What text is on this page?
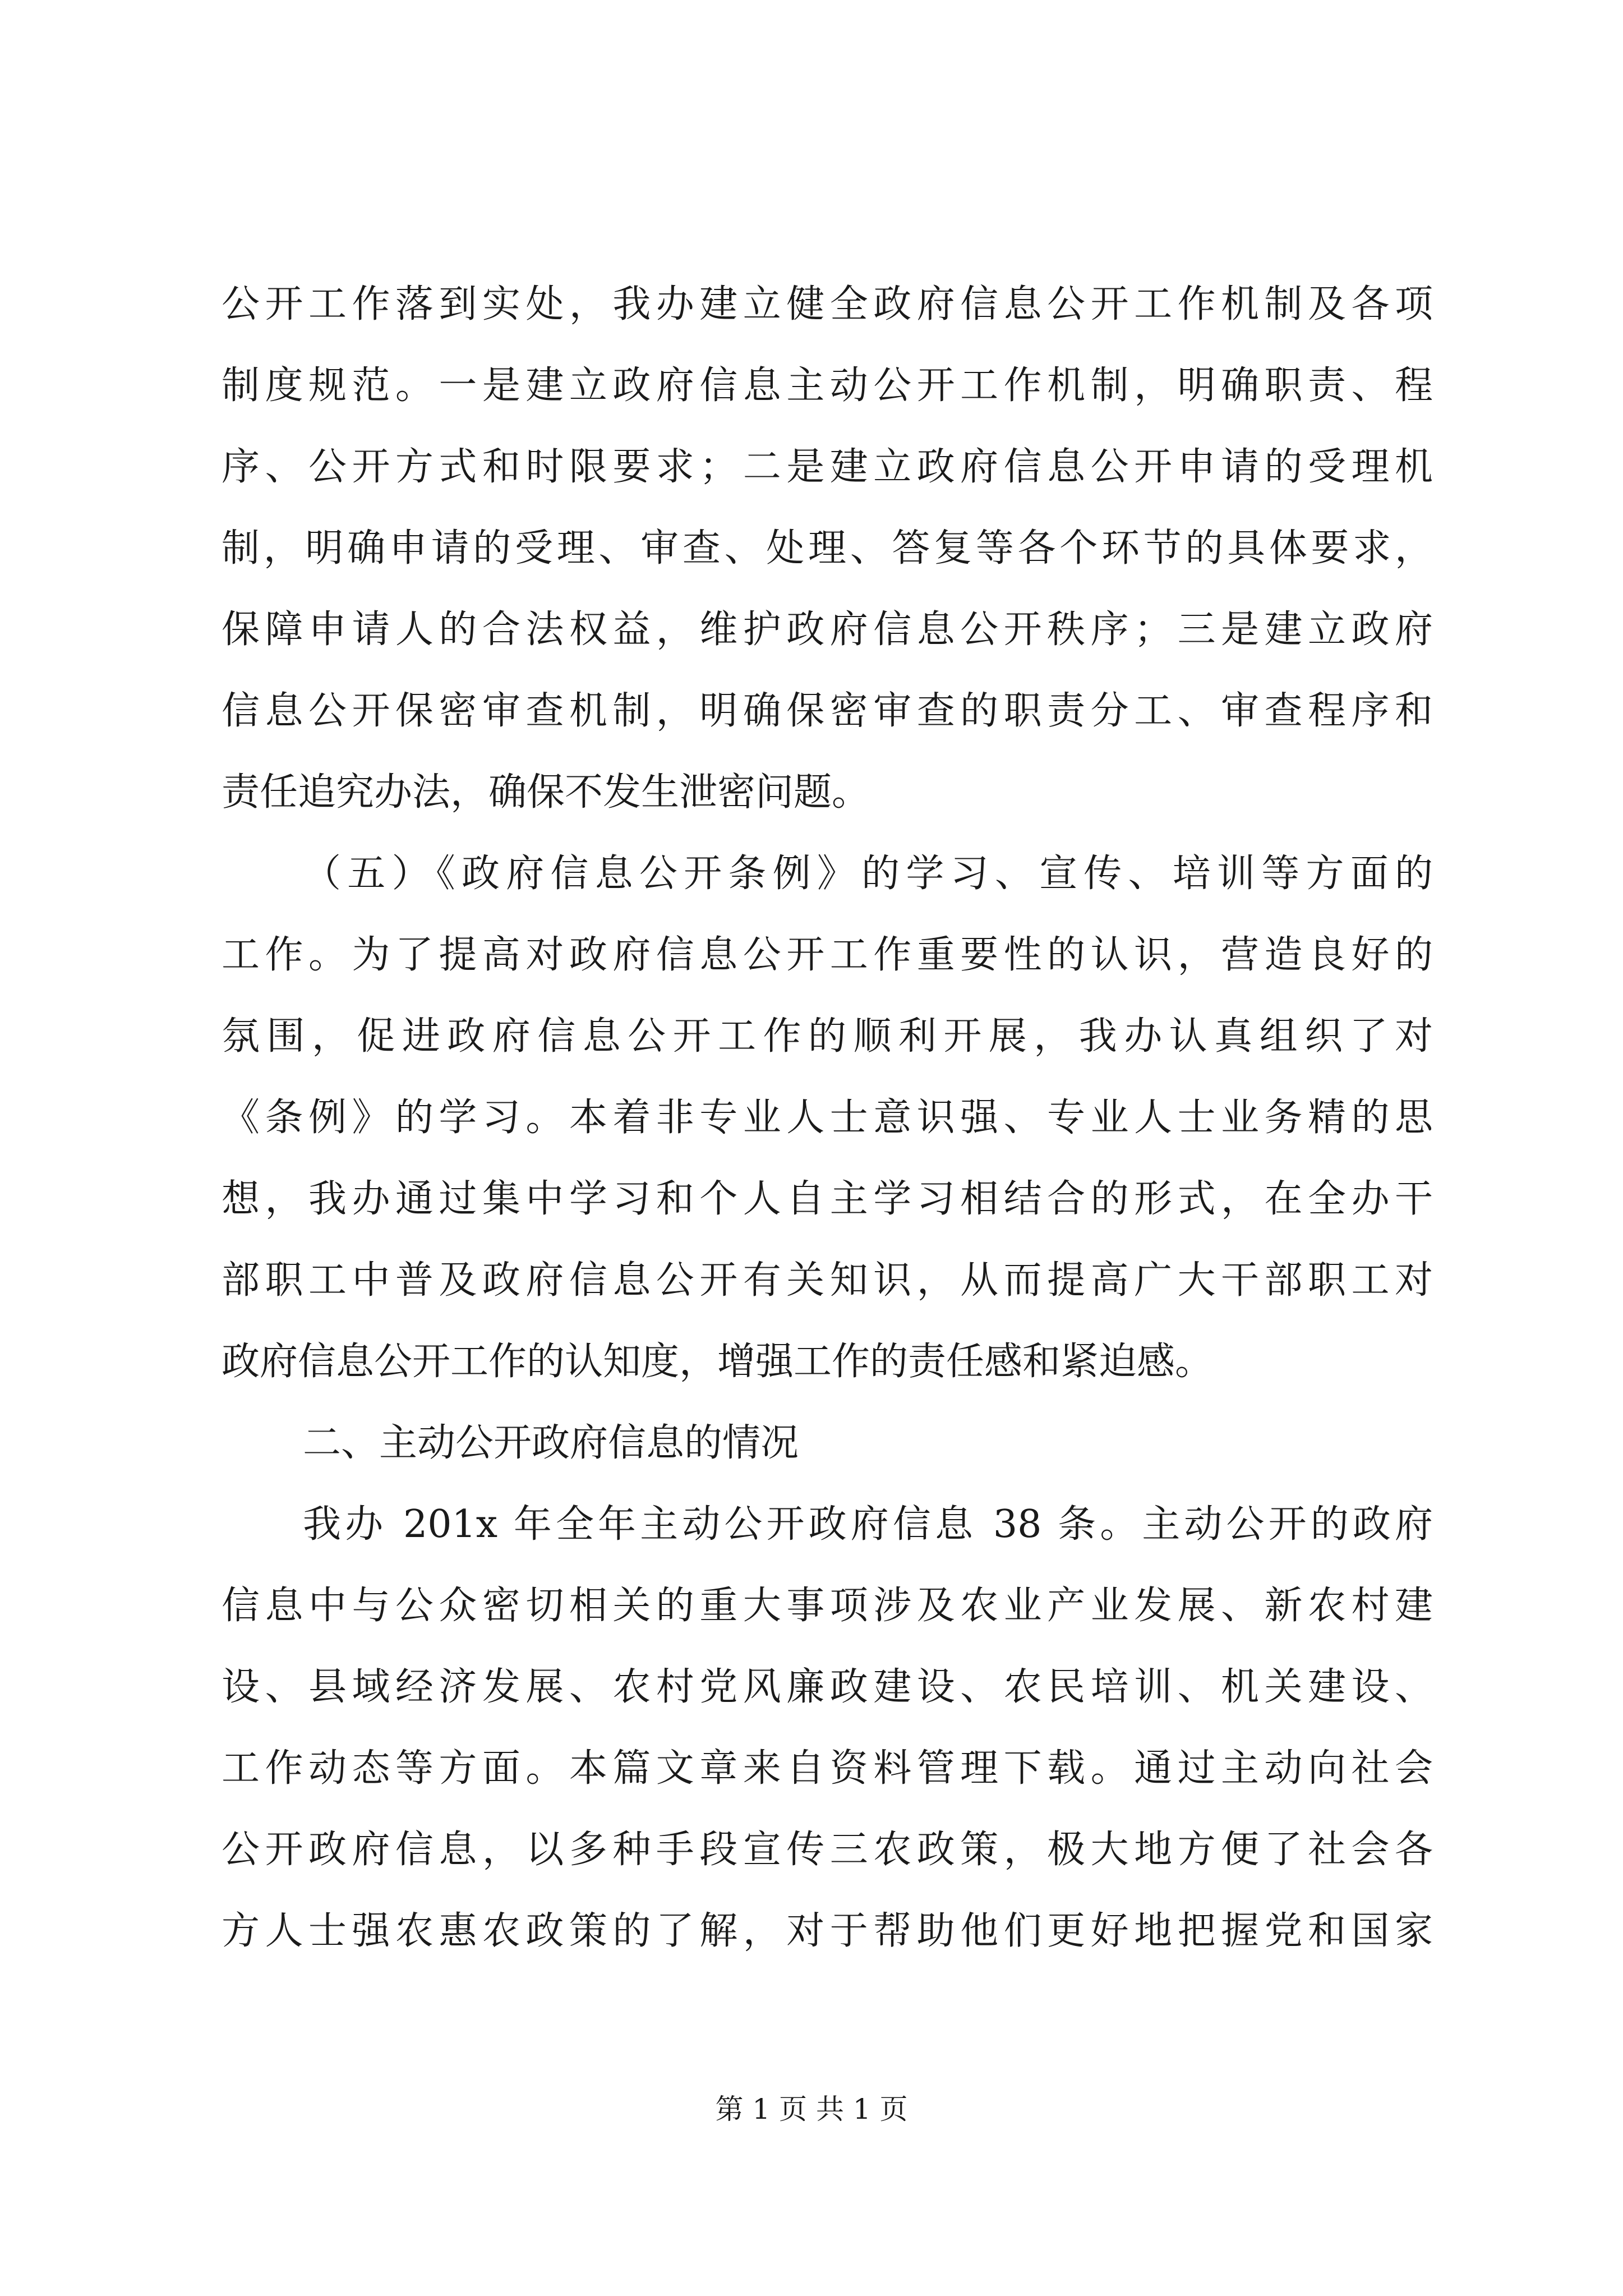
公开工作落到实处，我办建立健全政府信息公开工作机制及各项
制度规范。一是建立政府信息主动公开工作机制，明确职责、程
序、公开方式和时限要求；二是建立政府信息公开申请的受理机
制，明确申请的受理、审查、处理、答复等各个环节的具体要求，
保障申请人的合法权益，维护政府信息公开秩序；三是建立政府
信息公开保密审查机制，明确保密审查的职责分工、审查程序和
责任追究办法，确保不发生泄密问题。
（五）《政府信息公开条例》的学习、宣传、培训等方面的
工作。为了提高对政府信息公开工作重要性的认识，营造良好的
氛围，促进政府信息公开工作的顺利开展，我办认真组织了对
《条例》的学习。本着非专业人士意识强、专业人士业务精的思
想，我办通过集中学习和个人自主学习相结合的形式，在全办干
部职工中普及政府信息公开有关知识，从而提高广大干部职工对
政府信息公开工作的认知度，增强工作的责任感和紧迫感。
二、主动公开政府信息的情况
我办 201x 年全年主动公开政府信息 38 条。主动公开的政府
信息中与公众密切相关的重大事项涉及农业产业发展、新农村建
设、县域经济发展、农村党风廉政建设、农民培训、机关建设、
工作动态等方面。本篇文章来自资料管理下载。通过主动向社会
公开政府信息，以多种手段宣传三农政策，极大地方便了社会各
方人士强农惠农政策的了解，对于帮助他们更好地把握党和国家
第 1 页 共 1 页
